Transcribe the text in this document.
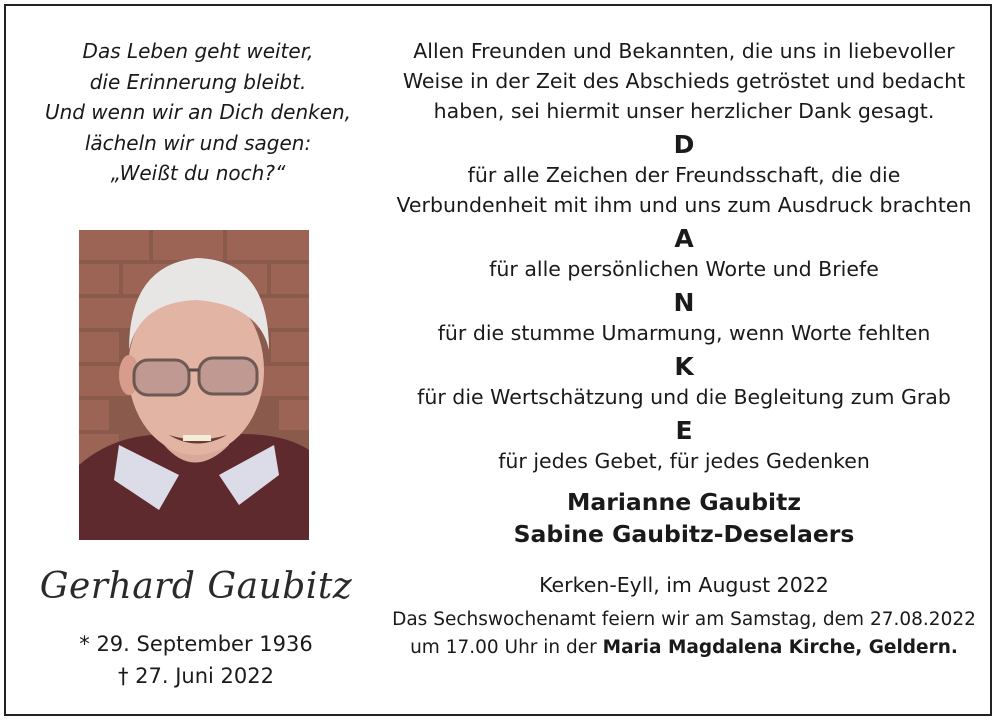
Das Leben geht weiter,
die Erinnerung bleibt.
Und wenn wir an Dich denken,
lächeln wir und sagen:
„Weißt du noch?“
Gerhard Gaubitz
* 29. September 1936
† 27. Juni 2022
Allen Freunden und Bekannten, die uns in liebevoller
Weise in der Zeit des Abschieds getröstet und bedacht
haben, sei hiermit unser herzlicher Dank gesagt.
D
für alle Zeichen der Freundsschaft, die die
Verbundenheit mit ihm und uns zum Ausdruck brachten
A
für alle persönlichen Worte und Briefe
N
für die stumme Umarmung, wenn Worte fehlten
K
für die Wertschätzung und die Begleitung zum Grab
E
für jedes Gebet, für jedes Gedenken
Marianne Gaubitz
Sabine Gaubitz-Deselaers
Kerken-Eyll, im August 2022
Das Sechswochenamt feiern wir am Samstag, dem 27.08.2022
um 17.00 Uhr in der Maria Magdalena Kirche, Geldern.
